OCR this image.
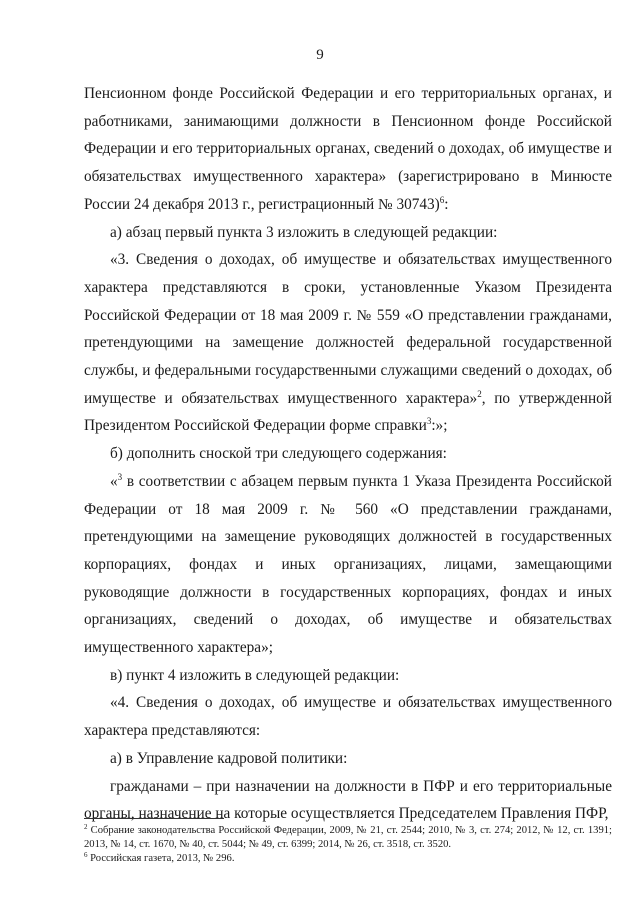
9

Пенсионном фонде Российской Федерации и его территориальных органах, и работниками, занимающими должности в Пенсионном фонде Российской Федерации и его территориальных органах, сведений о доходах, об имуществе и обязательствах имущественного характера» (зарегистрировано в Минюсте России 24 декабря 2013 г., регистрационный № 30743)$^6$:

а) абзац первый пункта 3 изложить в следующей редакции:

«3. Сведения о доходах, об имуществе и обязательствах имущественного характера представляются в сроки, установленные Указом Президента Российской Федерации от 18 мая 2009 г. № 559 «О представлении гражданами, претендующими на замещение должностей федеральной государственной службы, и федеральными государственными служащими сведений о доходах, об имуществе и обязательствах имущественного характера»$^2$, по утвержденной Президентом Российской Федерации форме справки$^3$:»;

б) дополнить сноской три следующего содержания:

«$^3$ в соответствии с абзацем первым пункта 1 Указа Президента Российской Федерации от 18 мая 2009 г. № 560 «О представлении гражданами, претендующими на замещение руководящих должностей в государственных корпорациях, фондах и иных организациях, лицами, замещающими руководящие должности в государственных корпорациях, фондах и иных организациях, сведений о доходах, об имуществе и обязательствах имущественного характера»;

в) пункт 4 изложить в следующей редакции:

«4. Сведения о доходах, об имуществе и обязательствах имущественного характера представляются:

а) в Управление кадровой политики:

гражданами – при назначении на должности в ПФР и его территориальные органы, назначение на которые осуществляется Председателем Правления ПФР,

$^2$ Собрание законодательства Российской Федерации, 2009, № 21, ст. 2544; 2010, № 3, ст. 274; 2012, № 12, ст. 1391; 2013, № 14, ст. 1670, № 40, ст. 5044; № 49, ст. 6399; 2014, № 26, ст. 3518, ст. 3520.

$^6$ Российская газета, 2013, № 296.
